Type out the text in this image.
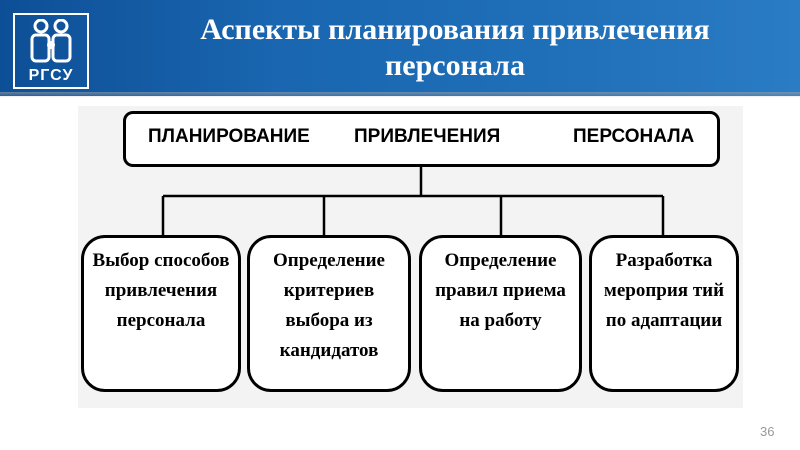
РГСУ
Аспекты планирования привлечения
персонала
ПЛАНИРОВАНИЕ ПРИВЛЕЧЕНИЯ	ПЕРСОНАЛА
Выбор способов
привлечения
персонала
Определение
критериев
выбора из
кандидатов
Определение
правил приема
на работу
Разработка
мероприя тий
по адаптации
36
